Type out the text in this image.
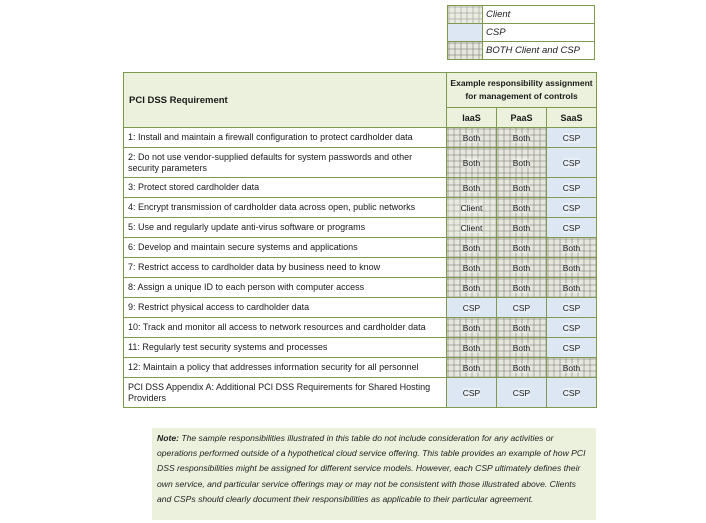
	Client
	CSP
	BOTH Client and CSP
PCI DSS Requirement	Example responsibility assignment
for management of controls		
	IaaS	PaaS	SaaS
1: Install and maintain a firewall configuration to protect cardholder data	Both	Both	CSP
2: Do not use vendor-supplied defaults for system passwords and other security parameters	Both	Both	CSP
3: Protect stored cardholder data	Both	Both	CSP
4: Encrypt transmission of cardholder data across open, public networks	Client	Both	CSP
5: Use and regularly update anti-virus software or programs	Client	Both	CSP
6: Develop and maintain secure systems and applications	Both	Both	Both
7: Restrict access to cardholder data by business need to know	Both	Both	Both
8: Assign a unique ID to each person with computer access	Both	Both	Both
9: Restrict physical access to cardholder data	CSP	CSP	CSP
10: Track and monitor all access to network resources and cardholder data	Both	Both	CSP
11: Regularly test security systems and processes	Both	Both	CSP
12: Maintain a policy that addresses information security for all personnel	Both	Both	Both
PCI DSS Appendix A: Additional PCI DSS Requirements for Shared Hosting Providers	CSP	CSP	CSP
Note: The sample responsibilities illustrated in this table do not include consideration for any activities or operations performed outside of a hypothetical cloud service offering. This table provides an example of how PCI DSS responsibilities might be assigned for different service models. However, each CSP ultimately defines their own service, and particular service offerings may or may not be consistent with those illustrated above. Clients and CSPs should clearly document their responsibilities as applicable to their particular agreement.
